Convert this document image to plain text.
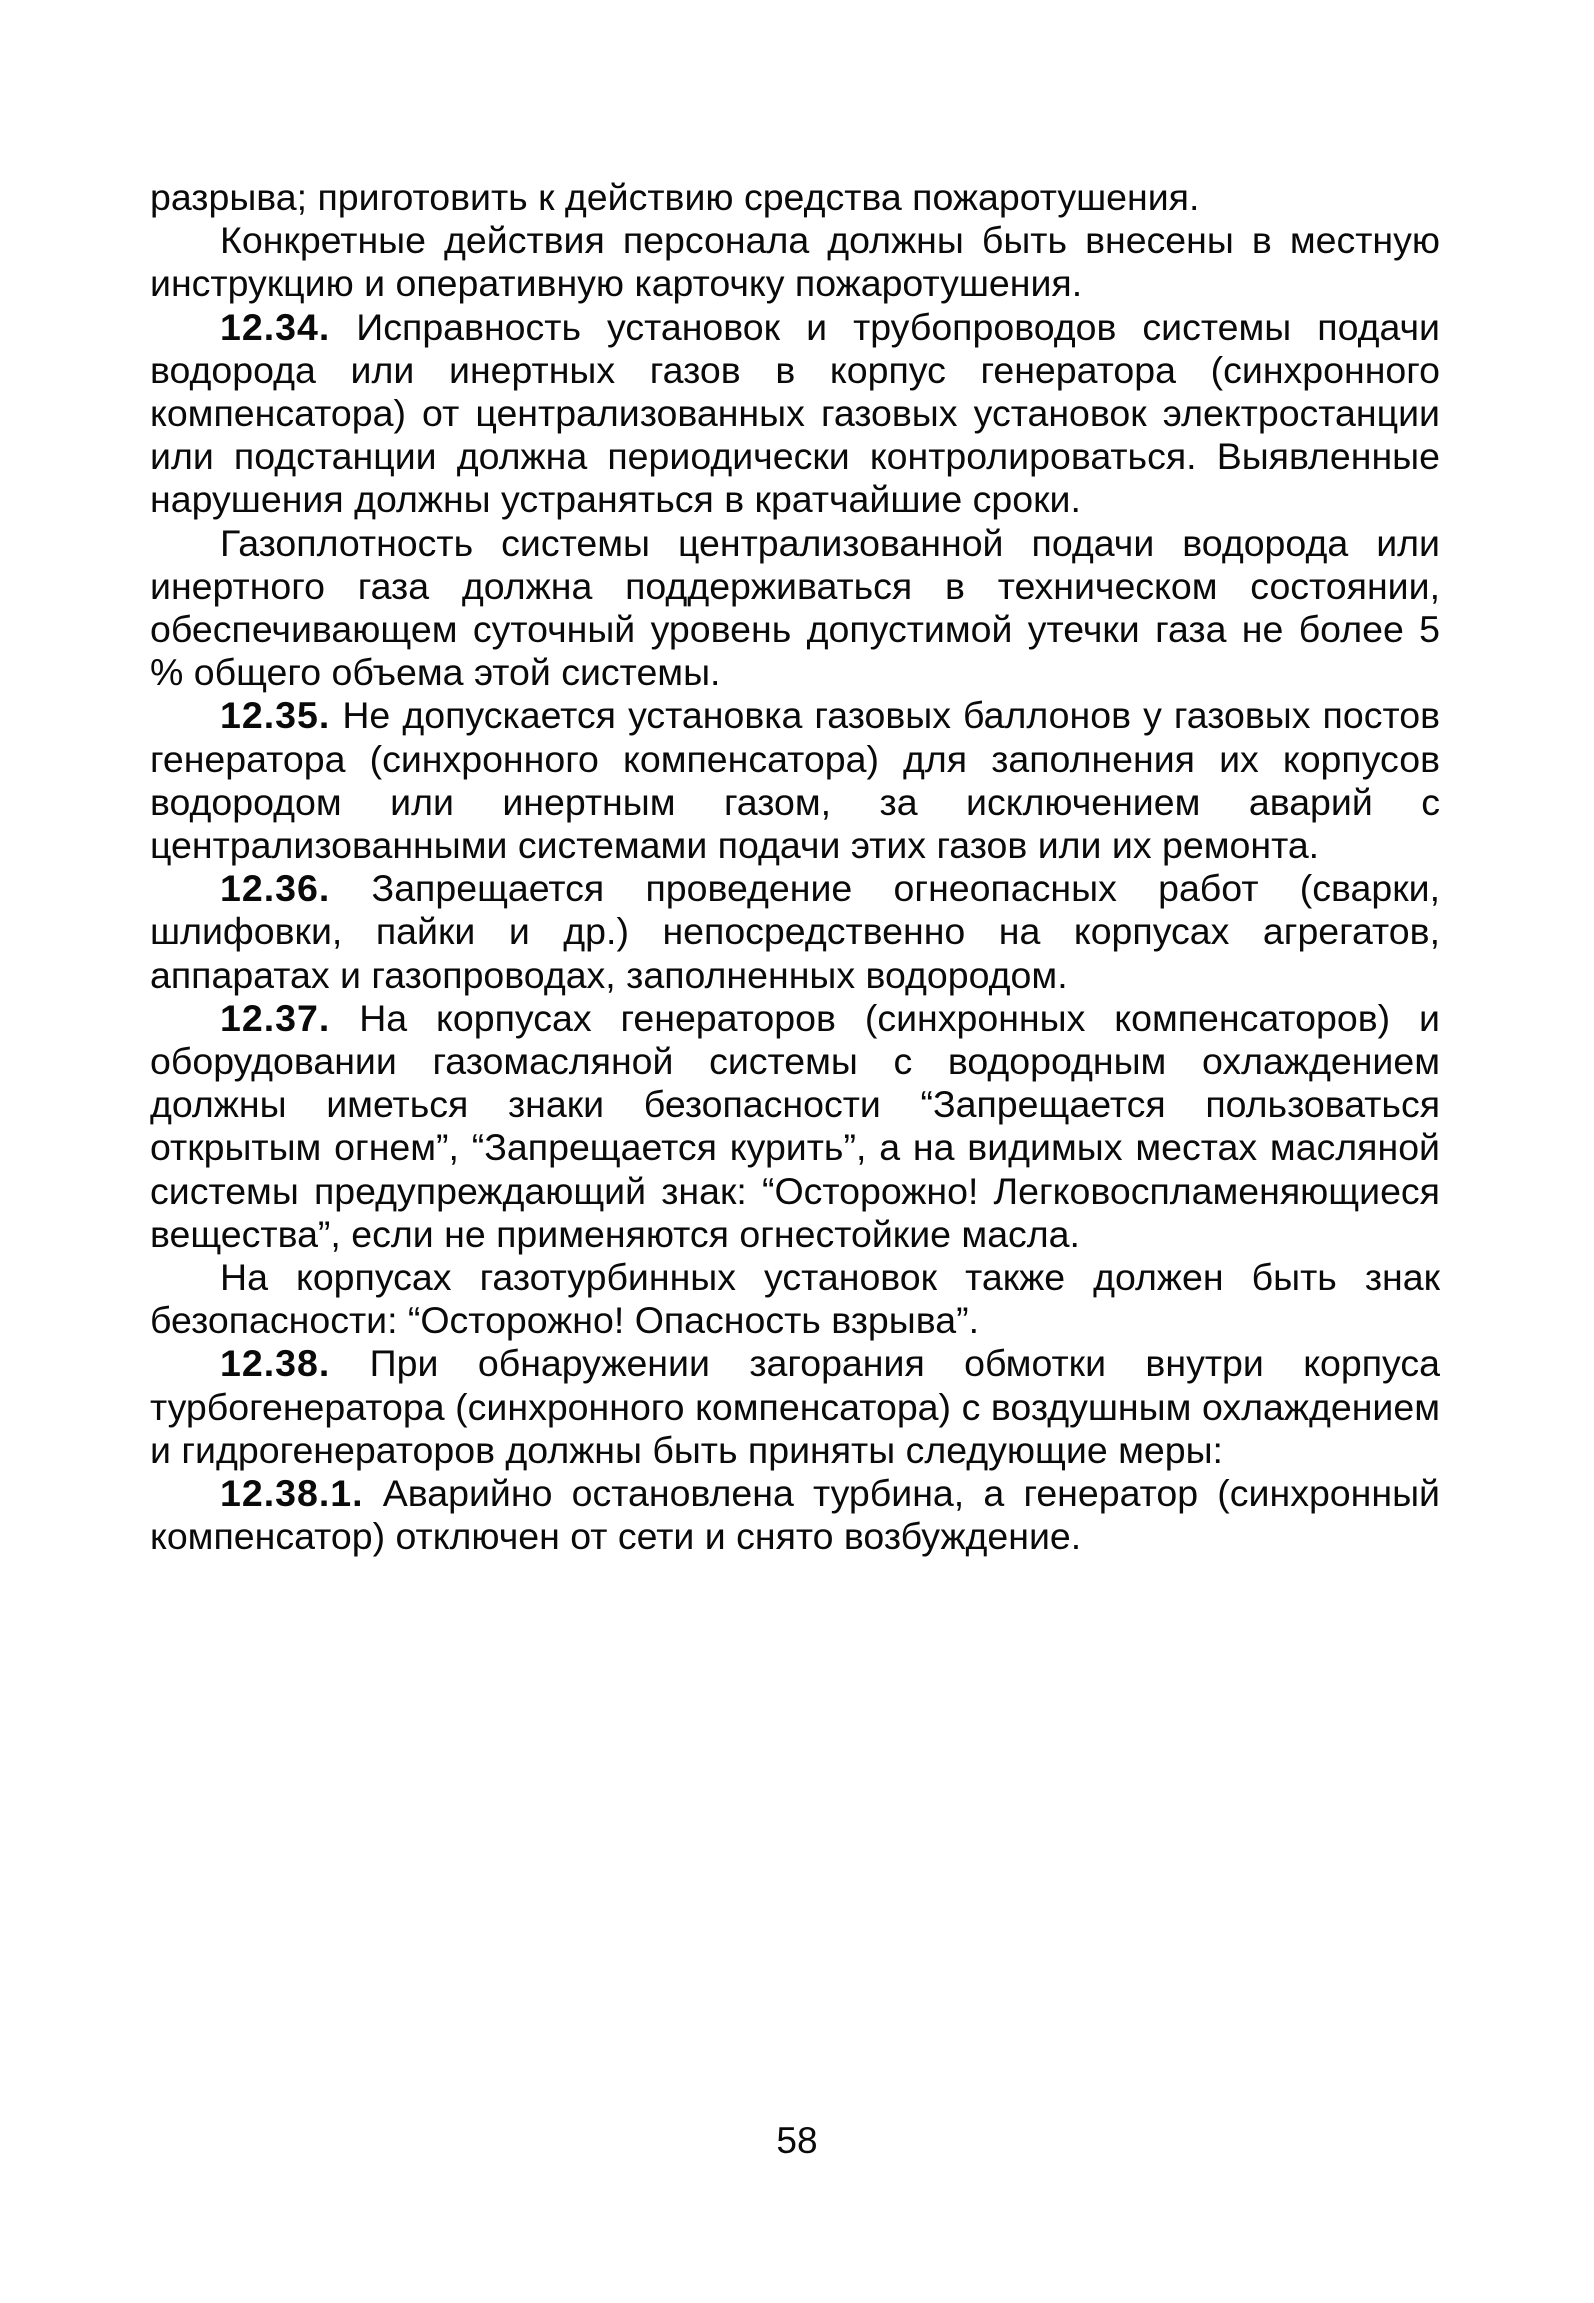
разрыва; приготовить к действию средства пожаротушения.

Конкретные действия персонала должны быть внесены в местную инструкцию и оперативную карточку пожаротушения.

12.34. Исправность установок и трубопроводов системы подачи водорода или инертных газов в корпус генератора (синхронного компенсатора) от централизованных газовых установок электростанции или подстанции должна периодически контролироваться. Выявленные нарушения должны устраняться в кратчайшие сроки.

Газоплотность системы централизованной подачи водорода или инертного газа должна поддерживаться в техническом состоянии, обеспечивающем суточный уровень допустимой утечки газа не более 5 % общего объема этой системы.

12.35. Не допускается установка газовых баллонов у газовых постов генератора (синхронного компенсатора) для заполнения их корпусов водородом или инертным газом, за исключением аварий с централизованными системами подачи этих газов или их ремонта.

12.36. Запрещается проведение огнеопасных работ (сварки, шлифовки, пайки и др.) непосредственно на корпусах агрегатов, аппаратах и газопроводах, заполненных водородом.

12.37. На корпусах генераторов (синхронных компенсаторов) и оборудовании газомасляной системы с водородным охлаждением должны иметься знаки безопасности “Запрещается пользоваться открытым огнем”, “Запрещается курить”, а на видимых местах масляной системы предупреждающий знак: “Осторожно! Легковоспламеняющиеся вещества”, если не применяются огнестойкие масла.

На корпусах газотурбинных установок также должен быть знак безопасности: “Осторожно! Опасность взрыва”.

12.38. При обнаружении загорания обмотки внутри корпуса турбогенератора (синхронного компенсатора) с воздушным охлаждением и гидрогенераторов должны быть приняты следующие меры:

12.38.1. Аварийно остановлена турбина, а генератор (синхронный компенсатор) отключен от сети и снято возбуждение.

58
